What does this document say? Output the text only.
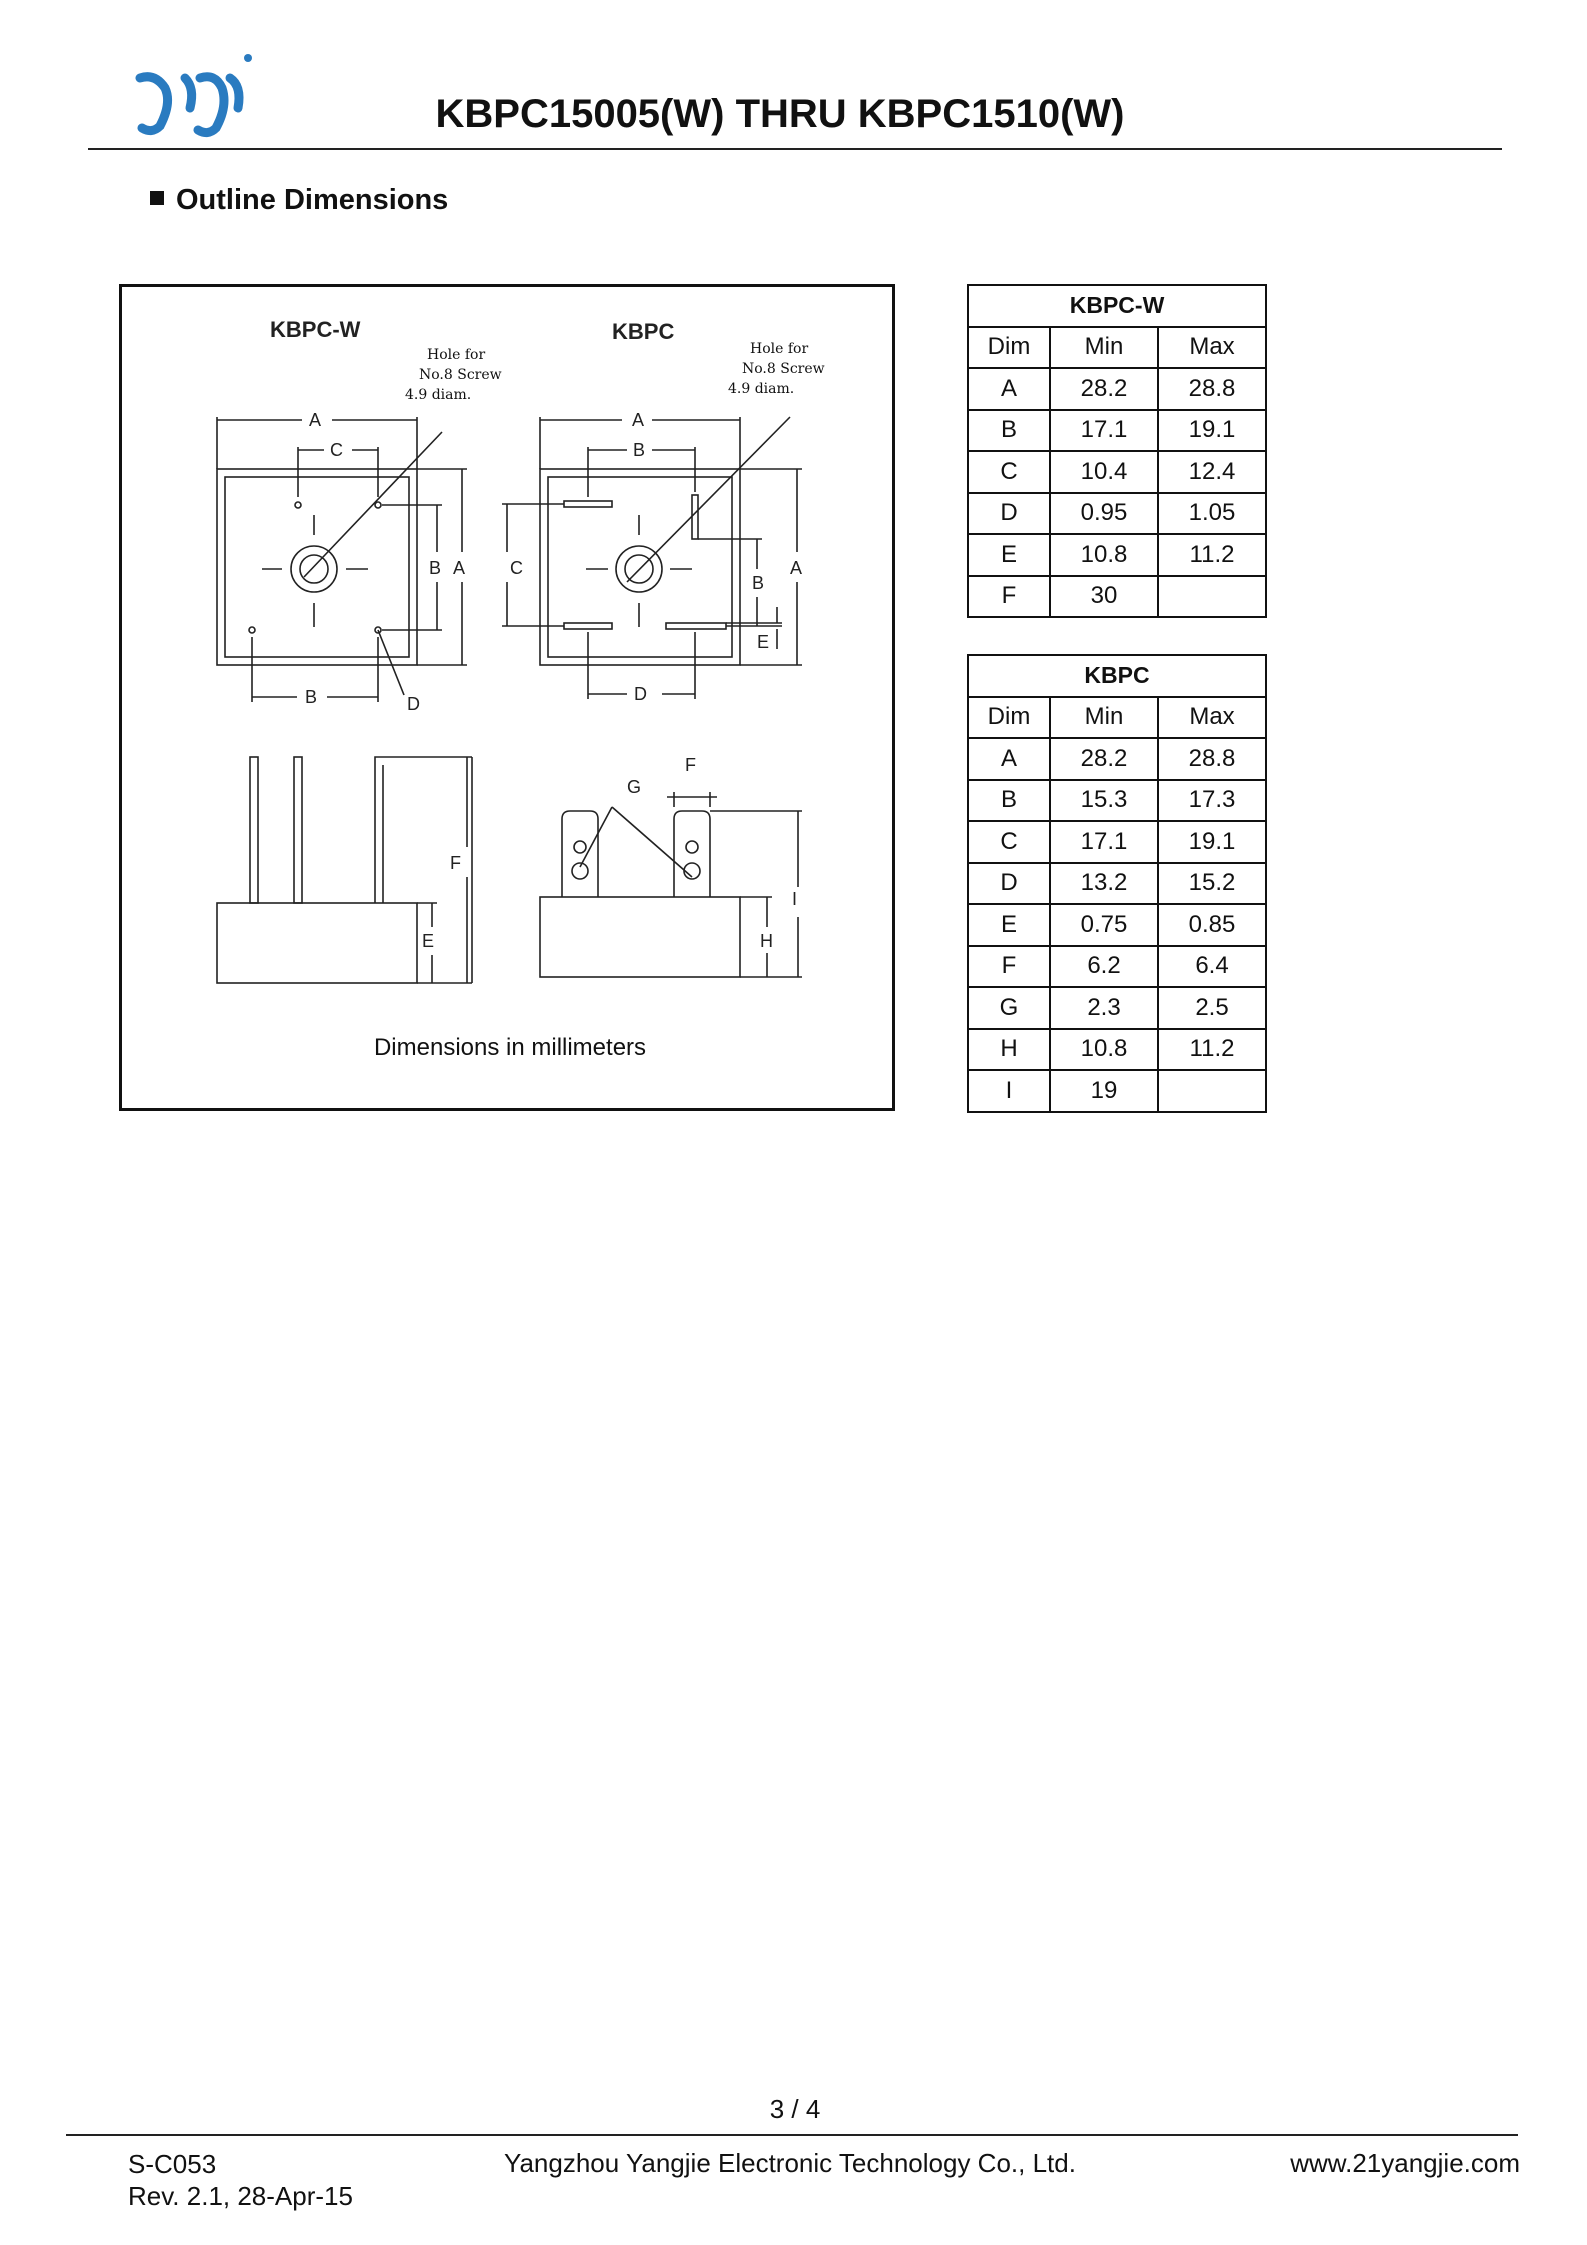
KBPC15005(W) THRU KBPC1510(W)
Outline Dimensions
KBPC-W	KBPC
Hole for
No.8 Screw
4.9 diam.
Hole for
No.8 Screw
4.9 diam.
A
C
B A
B	D
A
B
C
B
A
E
D
F
E
F
G
I
H
Dimensions in millimeters
KBPC-W		
Dim	Min	Max
A	28.2	28.8
B	17.1	19.1
C	10.4	12.4
D	0.95	1.05
E	10.8	11.2
F	30	
KBPC		
Dim	Min	Max
A	28.2	28.8
B	15.3	17.3
C	17.1	19.1
D	13.2	15.2
E	0.75	0.85
F	6.2	6.4
G	2.3	2.5
H	10.8	11.2
I	19	
3 / 4
S-C053
Rev. 2.1, 28-Apr-15
Yangzhou Yangjie Electronic Technology Co., Ltd.	www.21yangjie.com
